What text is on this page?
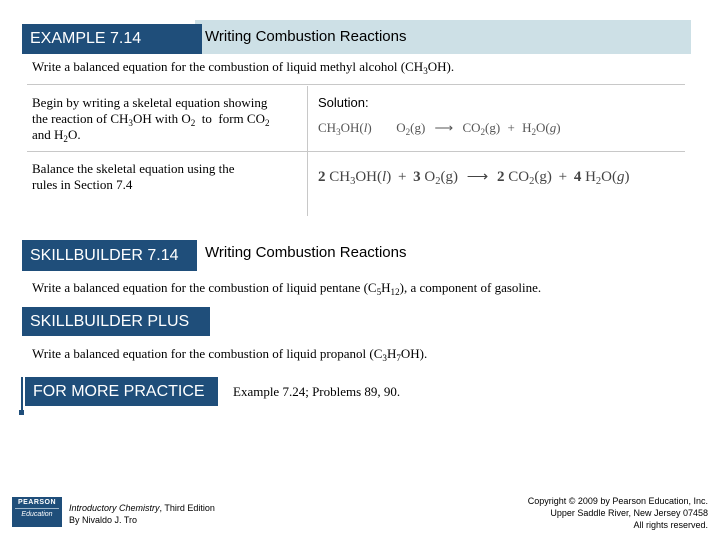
EXAMPLE 7.14	Writing Combustion Reactions
Write a balanced equation for the combustion of liquid methyl alcohol $(CH_3OH)$.
Begin by writing a skeletal equation showing
the reaction of $CH_3OH$ with $O_2$  to  form $CO_2$
and $H_2O$.
Solution:
$CH_3OH(l)$ $O_2(g)$ ⟶ $CO_2(g) + H_2O(g)$
Balance the skeletal equation using the
rules in Section 7.4	2 $CH_3OH(l) + 3$ $O_2(g)$ ⟶ 2 $CO_2(g) + 4$ $H_2O(g)$
SKILLBUILDER 7.14 Writing Combustion Reactions
Write a balanced equation for the combustion of liquid pentane $(C_5H_{12})$, a component of gasoline.
SKILLBUILDER PLUS
Write a balanced equation for the combustion of liquid propanol $(C_3H_7OH)$.
FOR MORE PRACTICE Example 7.24; Problems 89, 90.
PEARSON
Education
Introductory Chemistry, Third Edition
By Nivaldo J. Tro
Copyright © 2009 by Pearson Education, Inc.
Upper Saddle River, New Jersey 07458
All rights reserved.
